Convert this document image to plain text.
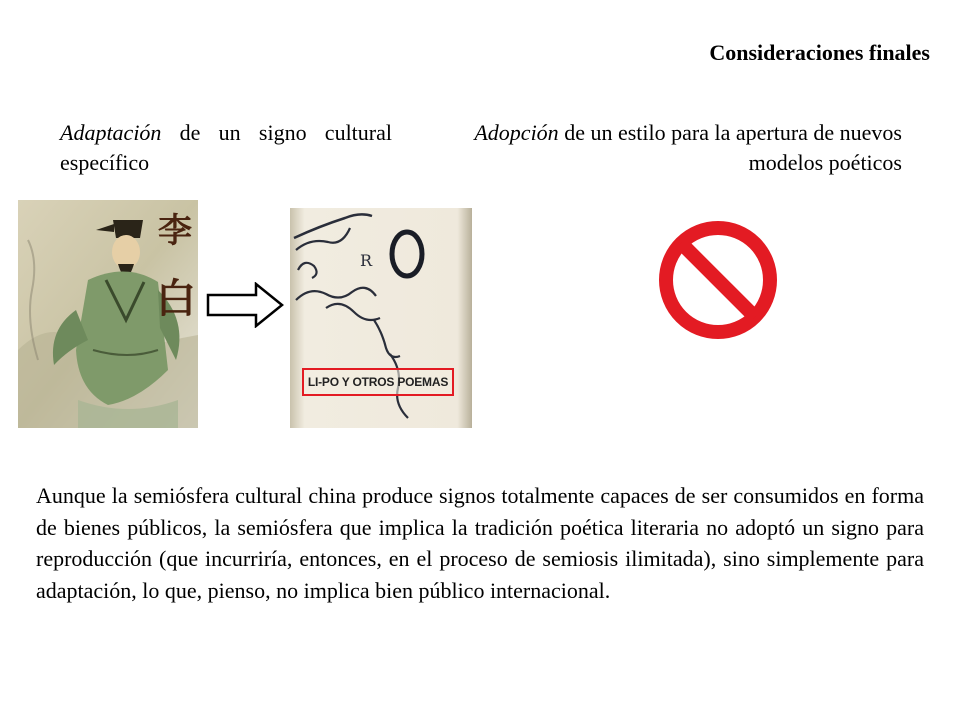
Consideraciones finales
Adaptación de un signo cultural específico
Adopción de un estilo para la apertura de nuevos modelos poéticos
李
白
R
LI-PO Y OTROS POEMAS
Aunque la semiósfera cultural china produce signos totalmente capaces de ser consumidos en forma de bienes públicos, la semiósfera que implica la tradición poética literaria no adoptó un signo para reproducción (que incurriría, entonces, en el proceso de semiosis ilimitada), sino simplemente para adaptación, lo que, pienso, no implica bien público internacional.
